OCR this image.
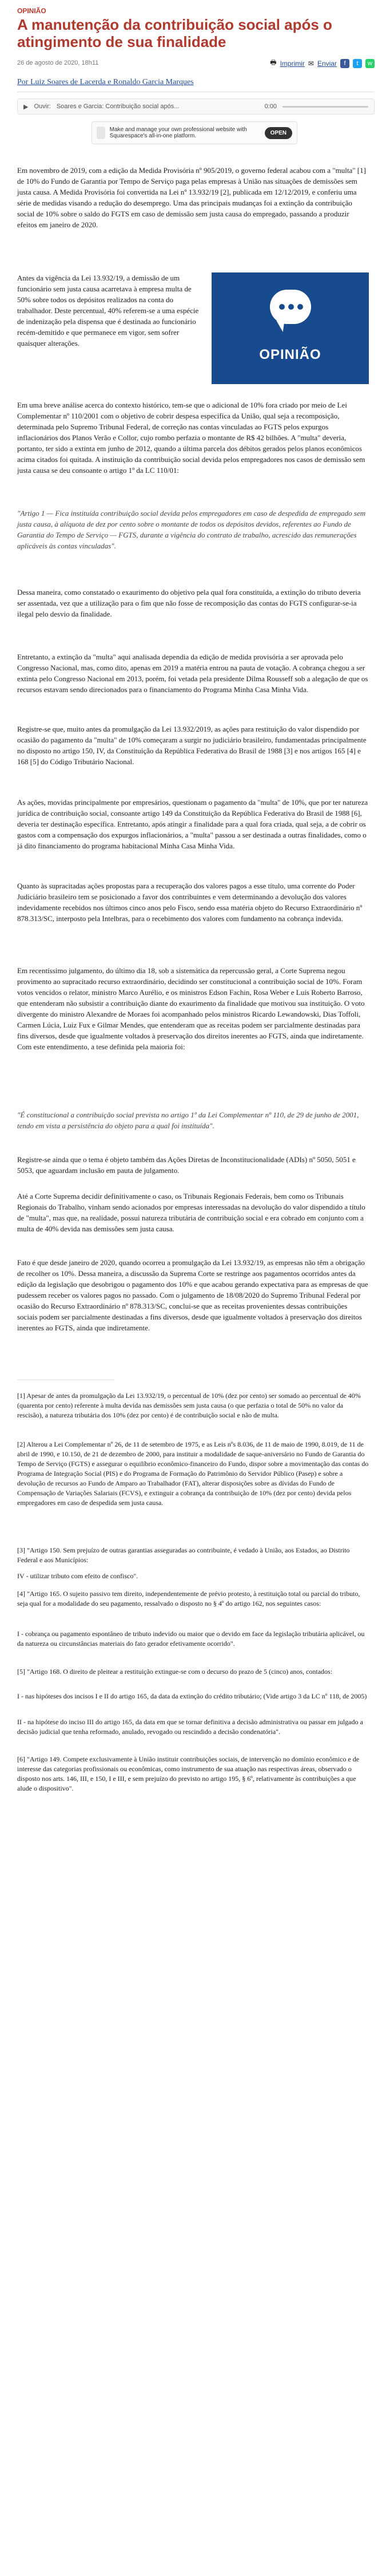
OPINIÃO
A manutenção da contribuição social após o atingimento de sua finalidade
26 de agosto de 2020, 18h11	🖶 Imprimir ✉ Enviar	f	t	w
Por Luiz Soares de Lacerda e Ronaldo Garcia Marques
▶ Ouvir: Soares e Garcia: Contribuição social após...	0:00
Make and manage your own professional website with Squarespace's all-in-one platform.	OPEN

Em novembro de 2019, com a edição da Medida Provisória nº 905/2019, o governo federal acabou com a "multa" [1] de 10% do Fundo de Garantia por Tempo de Serviço paga pelas empresas à União nas situações de demissões sem justa causa. A Medida Provisória foi convertida na Lei nº 13.932/19 [2], publicada em 12/12/2019, e conferiu uma série de medidas visando a redução do desemprego. Uma das principais mudanças foi a extinção da contribuição social de 10% sobre o saldo do FGTS em caso de demissão sem justa causa do empregado, passando a produzir efeitos em janeiro de 2020.

Antes da vigência da Lei 13.932/19, a demissão de um funcionário sem justa causa acarretava à empresa multa de 50% sobre todos os depósitos realizados na conta do trabalhador. Deste percentual, 40% referem-se a uma espécie de indenização pela dispensa que é destinada ao funcionário recém-demitido e que permanece em vigor, sem sofrer quaisquer alterações.

OPINIÃO

Em uma breve análise acerca do contexto histórico, tem-se que o adicional de 10% fora criado por meio de Lei Complementar nº 110/2001 com o objetivo de cobrir despesa específica da União, qual seja a recomposição, determinada pelo Supremo Tribunal Federal, de correção nas contas vinculadas ao FGTS pelos expurgos inflacionários dos Planos Verão e Collor, cujo rombo perfazia o montante de R$ 42 bilhões. A "multa" deveria, portanto, ter sido a extinta em junho de 2012, quando a última parcela dos débitos gerados pelos planos econômicos acima citados foi quitada. A instituição da contribuição social devida pelos empregadores nos casos de demissão sem justa causa se deu consoante o artigo 1º da LC 110/01:

"Artigo 1 — Fica instituída contribuição social devida pelos empregadores em caso de despedida de empregado sem justa causa, à alíquota de dez por cento sobre o montante de todos os depósitos devidos, referentes ao Fundo de Garantia do Tempo de Serviço — FGTS, durante a vigência do contrato de trabalho, acrescido das remunerações aplicáveis às contas vinculadas".

Dessa maneira, como constatado o exaurimento do objetivo pela qual fora constituída, a extinção do tributo deveria ser assentada, vez que a utilização para o fim que não fosse de recomposição das contas do FGTS configurar-se-ia ilegal pelo desvio da finalidade.

Entretanto, a extinção da "multa" aqui analisada dependia da edição de medida provisória a ser aprovada pelo Congresso Nacional, mas, como dito, apenas em 2019 a matéria entrou na pauta de votação. A cobrança chegou a ser extinta pelo Congresso Nacional em 2013, porém, foi vetada pela presidente Dilma Rousseff sob a alegação de que os recursos estavam sendo direcionados para o financiamento do Programa Minha Casa Minha Vida.

Registre-se que, muito antes da promulgação da Lei 13.932/2019, as ações para restituição do valor dispendido por ocasião do pagamento da "multa" de 10% começaram a surgir no judiciário brasileiro, fundamentadas principalmente no disposto no artigo 150, IV, da Constituição da República Federativa do Brasil de 1988 [3] e nos artigos 165 [4] e 168 [5] do Código Tributário Nacional.

As ações, movidas principalmente por empresários, questionam o pagamento da "multa" de 10%, que por ter natureza jurídica de contribuição social, consoante artigo 149 da Constituição da República Federativa do Brasil de 1988 [6], deveria ter destinação específica. Entretanto, após atingir a finalidade para a qual fora criada, qual seja, a de cobrir os gastos com a compensação dos expurgos inflacionários, a "multa" passou a ser destinada a outras finalidades, como o já dito financiamento do programa habitacional Minha Casa Minha Vida.

Quanto às supracitadas ações propostas para a recuperação dos valores pagos a esse título, uma corrente do Poder Judiciário brasileiro tem se posicionado a favor dos contribuintes e vem determinando a devolução dos valores indevidamente recebidos nos últimos cinco anos pelo Fisco, sendo essa matéria objeto do Recurso Extraordinário nº 878.313/SC, interposto pela Intelbras, para o recebimento dos valores com fundamento na cobrança indevida.

Em recentíssimo julgamento, do último dia 18, sob a sistemática da repercussão geral, a Corte Suprema negou provimento ao supracitado recurso extraordinário, decidindo ser constitucional a contribuição social de 10%. Foram votos vencidos o relator, ministro Marco Aurélio, e os ministros Edson Fachin, Rosa Weber e Luís Roberto Barroso, que entenderam não subsistir a contribuição diante do exaurimento da finalidade que motivou sua instituição. O voto divergente do ministro Alexandre de Moraes foi acompanhado pelos ministros Ricardo Lewandowski, Dias Toffoli, Carmen Lúcia, Luiz Fux e Gilmar Mendes, que entenderam que as receitas podem ser parcialmente destinadas para fins diversos, desde que igualmente voltados à preservação dos direitos inerentes ao FGTS, ainda que indiretamente. Com este entendimento, a tese definida pela maioria foi:

"É constitucional a contribuição social prevista no artigo 1º da Lei Complementar nº 110, de 29 de junho de 2001, tendo em vista a persistência do objeto para a qual foi instituída".

Registre-se ainda que o tema é objeto também das Ações Diretas de Inconstitucionalidade (ADIs) nº 5050, 5051 e 5053, que aguardam inclusão em pauta de julgamento.

Até a Corte Suprema decidir definitivamente o caso, os Tribunais Regionais Federais, bem como os Tribunais Regionais do Trabalho, vinham sendo acionados por empresas interessadas na devolução do valor dispendido a título de "multa", mas que, na realidade, possui natureza tributária de contribuição social e era cobrado em conjunto com a multa de 40% devida nas demissões sem justa causa.

Fato é que desde janeiro de 2020, quando ocorreu a promulgação da Lei 13.932/19, as empresas não têm a obrigação de recolher os 10%. Dessa maneira, a discussão da Suprema Corte se restringe aos pagamentos ocorridos antes da edição da legislação que desobrigou o pagamento dos 10% e que acabou gerando expectativa para as empresas de que pudessem receber os valores pagos no passado. Com o julgamento de 18/08/2020 do Supremo Tribunal Federal por ocasião do Recurso Extraordinário nº 878.313/SC, conclui-se que as receitas provenientes dessas contribuições sociais podem ser parcialmente destinadas a fins diversos, desde que igualmente voltados à preservação dos direitos inerentes ao FGTS, ainda que indiretamente.

[1] Apesar de antes da promulgação da Lei 13.932/19, o percentual de 10% (dez por cento) ser somado ao percentual de 40% (quarenta por cento) referente à multa devida nas demissões sem justa causa (o que perfazia o total de 50% no valor da rescisão), a natureza tributária dos 10% (dez por cento) é de contribuição social e não de multa.

[2] Alterou a Lei Complementar nº 26, de 11 de setembro de 1975, e as Leis nºs 8.036, de 11 de maio de 1990, 8.019, de 11 de abril de 1990, e 10.150, de 21 de dezembro de 2000, para instituir a modalidade de saque-aniversário no Fundo de Garantia do Tempo de Serviço (FGTS) e assegurar o equilíbrio econômico-financeiro do Fundo, dispor sobre a movimentação das contas do Programa de Integração Social (PIS) e do Programa de Formação do Patrimônio do Servidor Público (Pasep) e sobre a devolução de recursos ao Fundo de Amparo ao Trabalhador (FAT), alterar disposições sobre as dívidas do Fundo de Compensação de Variações Salariais (FCVS), e extinguir a cobrança da contribuição de 10% (dez por cento) devida pelos empregadores em caso de despedida sem justa causa.

[3] "Artigo 150. Sem prejuízo de outras garantias asseguradas ao contribuinte, é vedado à União, aos Estados, ao Distrito Federal e aos Municípios:

IV - utilizar tributo com efeito de confisco".

[4] "Artigo 165. O sujeito passivo tem direito, independentemente de prévio protesto, à restituição total ou parcial do tributo, seja qual for a modalidade do seu pagamento, ressalvado o disposto no § 4º do artigo 162, nos seguintes casos:

I - cobrança ou pagamento espontâneo de tributo indevido ou maior que o devido em face da legislação tributária aplicável, ou da natureza ou circunstâncias materiais do fato gerador efetivamente ocorrido".

[5] "Artigo 168. O direito de pleitear a restituição extingue-se com o decurso do prazo de 5 (cinco) anos, contados:

I - nas hipóteses dos incisos I e II do artigo 165, da data da extinção do crédito tributário; (Vide artigo 3 da LC nº 118, de 2005)

II - na hipótese do inciso III do artigo 165, da data em que se tornar definitiva a decisão administrativa ou passar em julgado a decisão judicial que tenha reformado, anulado, revogado ou rescindido a decisão condenatória".

[6] "Artigo 149. Compete exclusivamente à União instituir contribuições sociais, de intervenção no domínio econômico e de interesse das categorias profissionais ou econômicas, como instrumento de sua atuação nas respectivas áreas, observado o disposto nos arts. 146, III, e 150, I e III, e sem prejuízo do previsto no artigo 195, § 6º, relativamente às contribuições a que alude o dispositivo".
